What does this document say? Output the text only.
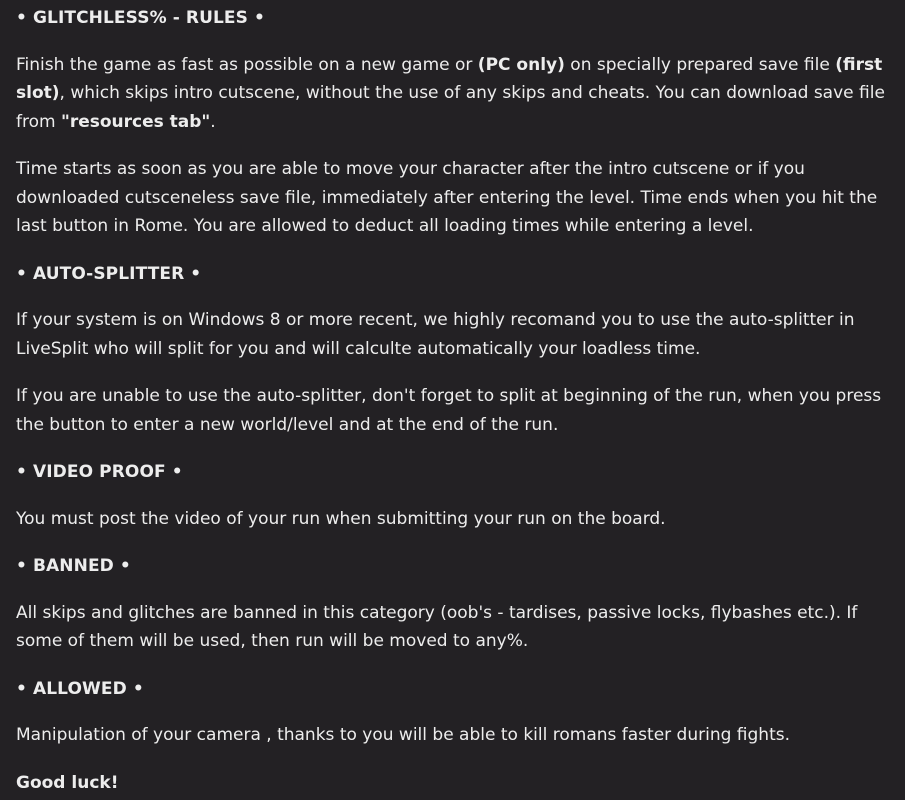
• GLITCHLESS% - RULES •
Finish the game as fast as possible on a new game or (PC only) on specially prepared save file (first slot), which skips intro cutscene, without the use of any skips and cheats. You can download save file from "resources tab".
Time starts as soon as you are able to move your character after the intro cutscene or if you downloaded cutsceneless save file, immediately after entering the level. Time ends when you hit the last button in Rome. You are allowed to deduct all loading times while entering a level.
• AUTO-SPLITTER •
If your system is on Windows 8 or more recent, we highly recomand you to use the auto-splitter in LiveSplit who will split for you and will calculte automatically your loadless time.
If you are unable to use the auto-splitter, don't forget to split at beginning of the run, when you press the button to enter a new world/level and at the end of the run.
• VIDEO PROOF •
You must post the video of your run when submitting your run on the board.
• BANNED •
All skips and glitches are banned in this category (oob's - tardises, passive locks, flybashes etc.). If some of them will be used, then run will be moved to any%.
• ALLOWED •
Manipulation of your camera , thanks to you will be able to kill romans faster during fights.
Good luck!
